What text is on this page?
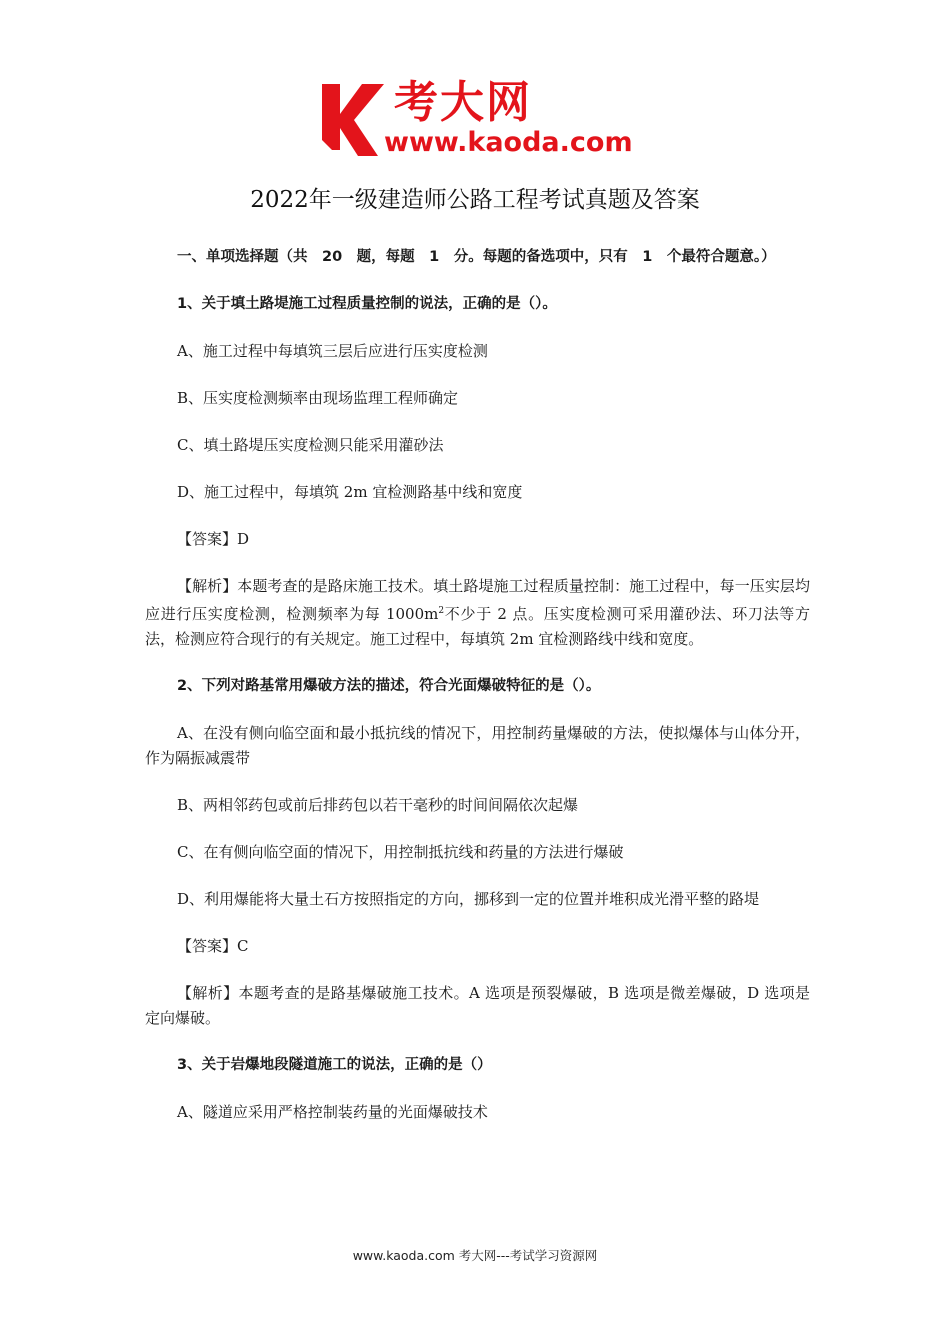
考大网
www.kaoda.com
2022年一级建造师公路工程考试真题及答案

一、单项选择题（共　20　题，每题　1　分。每题的备选项中，只有　1　个最符合题意。）

1、关于填土路堤施工过程质量控制的说法，正确的是（）。

A、施工过程中每填筑三层后应进行压实度检测

B、压实度检测频率由现场监理工程师确定

C、填土路堤压实度检测只能采用灌砂法

D、施工过程中，每填筑 2m 宜检测路基中线和宽度

【答案】D

【解析】本题考查的是路床施工技术。填土路堤施工过程质量控制：施工过程中，每一压实层均应进行压实度检测，检测频率为每 $1000m^2$不少于 2 点。压实度检测可采用灌砂法、环刀法等方法，检测应符合现行的有关规定。施工过程中，每填筑 2m 宜检测路线中线和宽度。

2、下列对路基常用爆破方法的描述，符合光面爆破特征的是（）。

A、在没有侧向临空面和最小抵抗线的情况下，用控制药量爆破的方法，使拟爆体与山体分开，作为隔振减震带

B、两相邻药包或前后排药包以若干毫秒的时间间隔依次起爆

C、在有侧向临空面的情况下，用控制抵抗线和药量的方法进行爆破

D、利用爆能将大量土石方按照指定的方向，挪移到一定的位置并堆积成光滑平整的路堤

【答案】C

【解析】本题考查的是路基爆破施工技术。A 选项是预裂爆破，B 选项是微差爆破，D 选项是定向爆破。

3、关于岩爆地段隧道施工的说法，正确的是（）

A、隧道应采用严格控制装药量的光面爆破技术

www.kaoda.com 考大网---考试学习资源网
